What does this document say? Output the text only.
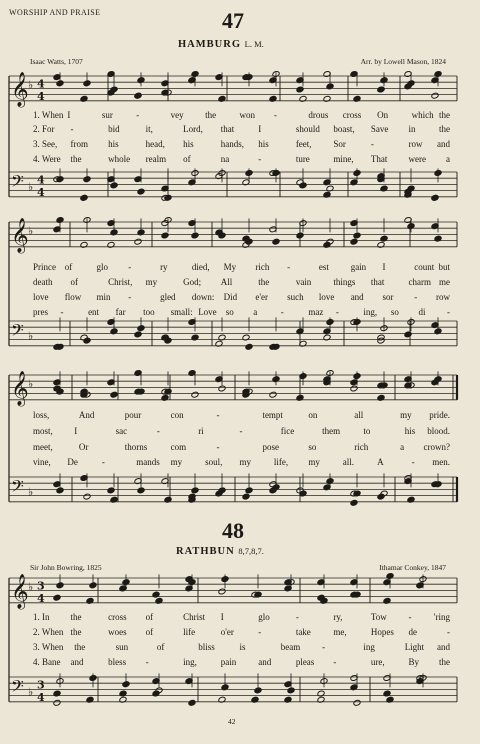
WORSHIP AND PRAISE	47
HAMBURG L. M.
Isaac Watts, 1707	Arr. by Lowell Mason, 1824
48
RATHBUN 8,7,8,7.
Sir John Bowring, 1825	Ithamar Conkey, 1847
𝄞 ♭ 4
4
𝄢 ♭
4
4
𝄞 ♭
𝄢 ♭
𝄞 ♭
𝄢 ♭
𝄞 ♭ 3
4
𝄢 ♭
3
4
1. When I	sur	-	vey the	won -	drous cross On	which the
2. For -	bid	it,	Lord, that	I	should boast, Save in	the
3. See, from his	head, his	hands, his	feet, Sor	-	row and
4. Were the	whole realm of	na	-	ture	mine, That were a
Prince of	glo -	ry	died, My rich -	est gain I	count but
death of	Christ, my	God; All	the	vain things that	charm me
love flow min -	gled down: Did e'er such love and sor - row
pres -	ent far too small: Love so a	-	maz -	ing, so di -
loss,	And	pour	con	-	tempt	on	all	my pride.
most, I	sac	-	ri	-	fice	them	to	his blood.
meet,	Or	thorns	com	-	pose	so	rich	a crown?
vine, De	-	mands my	soul, my	life, my	all.	A	- men.
1. In the	cross of	Christ I	glo	-	ry,	Tow - 'ring
2. When the	woes of	life	o'er	-	take	me,	Hopes de	-
3. When the	sun	of	bliss	is	beam -	ing	Light and
4. Bane and	bless -	ing,	pain and	pleas -	ure,	By the
42
